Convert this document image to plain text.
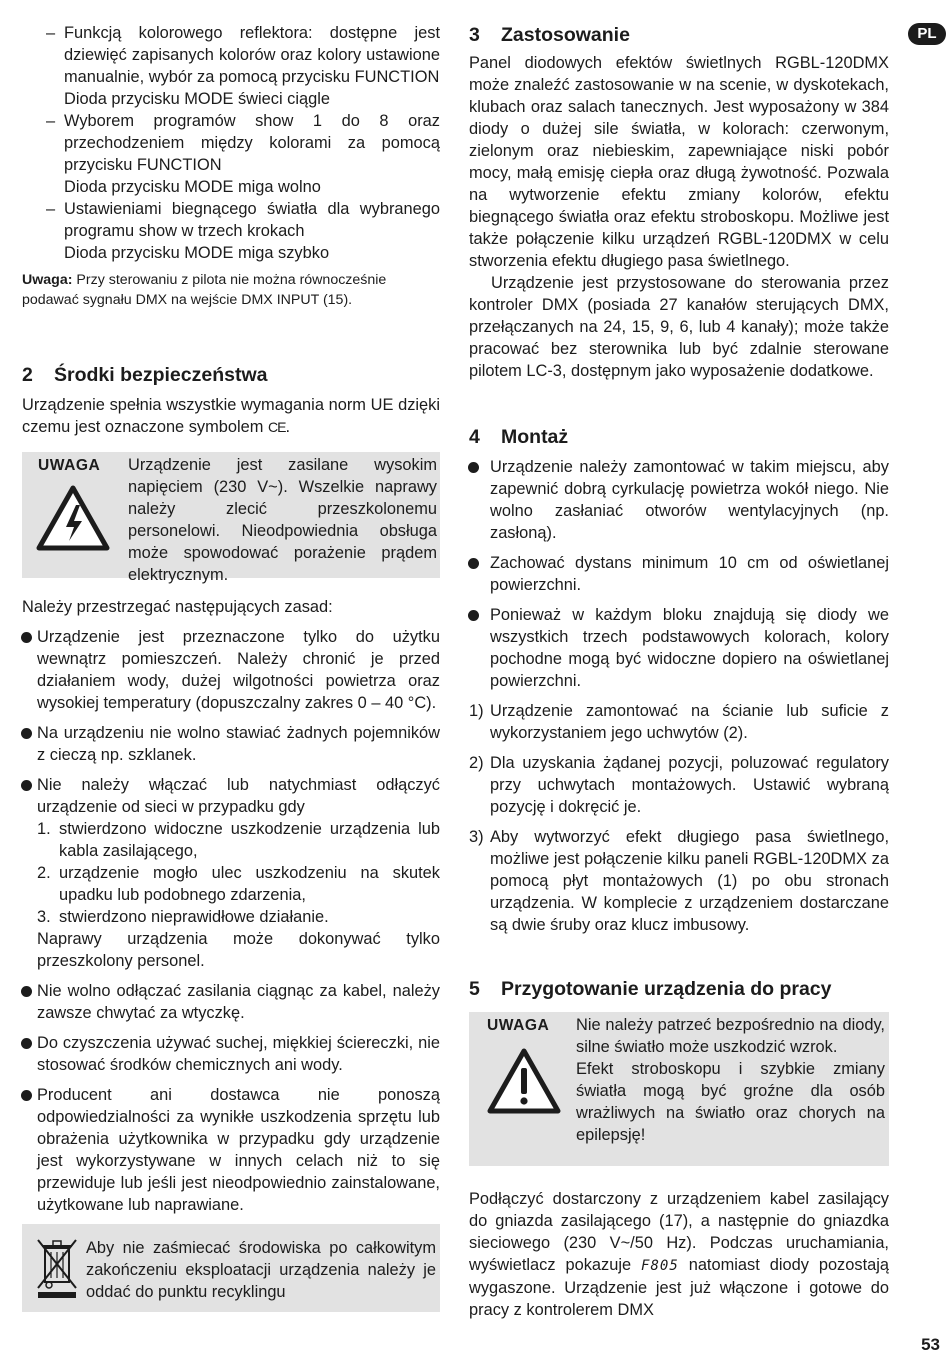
PL
– Funkcją kolorowego reflektora: dostępne jest dziewięć zapisanych kolorów oraz kolory ustawione manualnie, wybór za pomocą przycisku FUNCTION

Dioda przycisku MODE świeci ciągle

– Wyborem programów show 1 do 8 oraz przechodzeniem między kolorami za pomocą przycisku FUNCTION

Dioda przycisku MODE miga wolno

– Ustawieniami biegnącego światła dla wybranego programu show w trzech krokach

Dioda przycisku MODE miga szybko

Uwaga: Przy sterowaniu z pilota nie można równocześnie podawać sygnału DMX na wejście DMX INPUT (15).

2 Środki bezpieczeństwa

Urządzenie spełnia wszystkie wymagania norm UE dzięki czemu jest oznaczone symbolem CE.

UWAGA Urządzenie jest zasilane wysokim napięciem (230 V~). Wszelkie naprawy należy zlecić przeszkolonemu personelowi. Nieodpowiednia obsługa może spowodować porażenie prądem elektrycznym.

Należy przestrzegać następujących zasad:

Urządzenie jest przeznaczone tylko do użytku wewnątrz pomieszczeń. Należy chronić je przed działaniem wody, dużej wilgotności powietrza oraz wysokiej temperatury (dopuszczalny zakres 0 – 40 °C).

Na urządzeniu nie wolno stawiać żadnych pojemników z cieczą np. szklanek.

Nie należy włączać lub natychmiast odłączyć urządzenie od sieci w przypadku gdy

1. stwierdzono widoczne uszkodzenie urządzenia lub kabla zasilającego,

2. urządzenie mogło ulec uszkodzeniu na skutek upadku lub podobnego zdarzenia,

3. stwierdzono nieprawidłowe działanie.

Naprawy urządzenia może dokonywać tylko przeszkolony personel.

Nie wolno odłączać zasilania ciągnąc za kabel, należy zawsze chwytać za wtyczkę.

Do czyszczenia używać suchej, miękkiej ściereczki, nie stosować środków chemicznych ani wody.

Producent ani dostawca nie ponoszą odpowiedzialności za wynikłe uszkodzenia sprzętu lub obrażenia użytkownika w przypadku gdy urządzenie jest wykorzystywane w innych celach niż to się przewiduje lub jeśli jest nieodpowiednio zainstalowane, użytkowane lub naprawiane.

Aby nie zaśmiecać środowiska po całkowitym zakończeniu eksploatacji urządzenia należy je oddać do punktu recyklingu

3 Zastosowanie

Panel diodowych efektów świetlnych RGBL-120DMX może znaleźć zastosowanie w na scenie, w dyskotekach, klubach oraz salach tanecznych. Jest wyposażony w 384 diody o dużej sile światła, w kolorach: czerwonym, zielonym oraz niebieskim, zapewniające niski pobór mocy, małą emisję ciepła oraz długą żywotność. Pozwala na wytworzenie efektu zmiany kolorów, efektu biegnącego światła oraz efektu stroboskopu. Możliwe jest także połączenie kilku urządzeń RGBL-120DMX w celu stworzenia efektu długiego pasa świetlnego.

Urządzenie jest przystosowane do sterowania przez kontroler DMX (posiada 27 kanałów sterujących DMX, przełączanych na 24, 15, 9, 6, lub 4 kanały); może także pracować bez sterownika lub być zdalnie sterowane pilotem LC-3, dostępnym jako wyposażenie dodatkowe.

4 Montaż

Urządzenie należy zamontować w takim miejscu, aby zapewnić dobrą cyrkulację powietrza wokół niego. Nie wolno zasłaniać otworów wentylacyjnych (np. zasłoną).

Zachować dystans minimum 10 cm od oświetlanej powierzchni.

Ponieważ w każdym bloku znajdują się diody we wszystkich trzech podstawowych kolorach, kolory pochodne mogą być widoczne dopiero na oświetlanej powierzchni.

1) Urządzenie zamontować na ścianie lub suficie z wykorzystaniem jego uchwytów (2).

2) Dla uzyskania żądanej pozycji, poluzować regulatory przy uchwytach montażowych. Ustawić wybraną pozycję i dokręcić je.

3) Aby wytworzyć efekt długiego pasa świetlnego, możliwe jest połączenie kilku paneli RGBL-120DMX za pomocą płyt montażowych (1) po obu stronach urządzenia. W komplecie z urządzeniem dostarczane są dwie śruby oraz klucz imbusowy.

5 Przygotowanie urządzenia do pracy
UWAGA Nie należy patrzeć bezpośrednio na diody, silne światło może uszkodzić wzrok.

Efekt stroboskopu i szybkie zmiany światła mogą być groźne dla osób wrażliwych na światło oraz chorych na epilepsję!

Podłączyć dostarczony z urządzeniem kabel zasilający do gniazda zasilającego (17), a następnie do gniazdka sieciowego (230 V~/50 Hz). Podczas uruchamiania, wyświetlacz pokazuje F805 natomiast diody pozostają wygaszone. Urządzenie jest już włączone i gotowe do pracy z kontrolerem DMX

53
